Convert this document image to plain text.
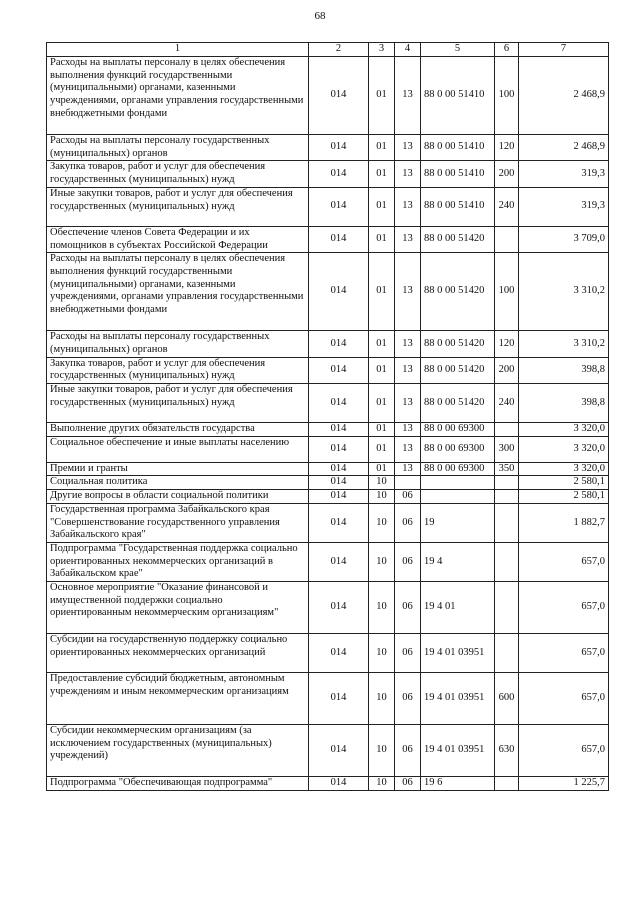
68
1	2	3	4	5	6	7
Расходы на выплаты персоналу в целях обеспечения выполнения функций государственными (муниципальными) органами, казенными учреждениями, органами управления государственными внебюджетными фондами	014	01	13	88 0 00 51410	100	2 468,9
Расходы на выплаты персоналу государственных (муниципальных) органов	014	01	13	88 0 00 51410	120	2 468,9
Закупка товаров, работ и услуг для обеспечения государственных (муниципальных) нужд	014	01	13	88 0 00 51410	200	319,3
Иные закупки товаров, работ и услуг для обеспечения государственных (муниципальных) нужд	014	01	13	88 0 00 51410	240	319,3
Обеспечение членов Совета Федерации и их помощников в субъектах Российской Федерации	014	01	13	88 0 00 51420		3 709,0
Расходы на выплаты персоналу в целях обеспечения выполнения функций государственными (муниципальными) органами, казенными учреждениями, органами управления государственными внебюджетными фондами	014	01	13	88 0 00 51420	100	3 310,2
Расходы на выплаты персоналу государственных (муниципальных) органов	014	01	13	88 0 00 51420	120	3 310,2
Закупка товаров, работ и услуг для обеспечения государственных (муниципальных) нужд	014	01	13	88 0 00 51420	200	398,8
Иные закупки товаров, работ и услуг для обеспечения государственных (муниципальных) нужд	014	01	13	88 0 00 51420	240	398,8
Выполнение других обязательств государства	014	01	13	88 0 00 69300		3 320,0
Социальное обеспечение и иные выплаты населению	014	01	13	88 0 00 69300	300	3 320,0
Премии и гранты	014	01	13	88 0 00 69300	350	3 320,0
Социальная политика	014	10				2 580,1
Другие вопросы в области социальной политики	014	10	06			2 580,1
Государственная программа Забайкальского края "Совершенствование государственного управления Забайкальского края"	014	10	06	19		1 882,7
Подпрограмма "Государственная поддержка социально ориентированных некоммерческих организаций в Забайкальском крае"	014	10	06	19 4		657,0
Основное мероприятие "Оказание финансовой и имущественной поддержки социально ориентированным некоммерческим организациям"	014	10	06	19 4 01		657,0
Субсидии на государственную поддержку социально ориентированных некоммерческих организаций	014	10	06	19 4 01 03951		657,0
Предоставление субсидий бюджетным, автономным учреждениям и иным некоммерческим организациям	014	10	06	19 4 01 03951	600	657,0
Субсидии некоммерческим организациям (за исключением государственных (муниципальных) учреждений)	014	10	06	19 4 01 03951	630	657,0
Подпрограмма "Обеспечивающая подпрограмма"	014	10	06	19 6		1 225,7
